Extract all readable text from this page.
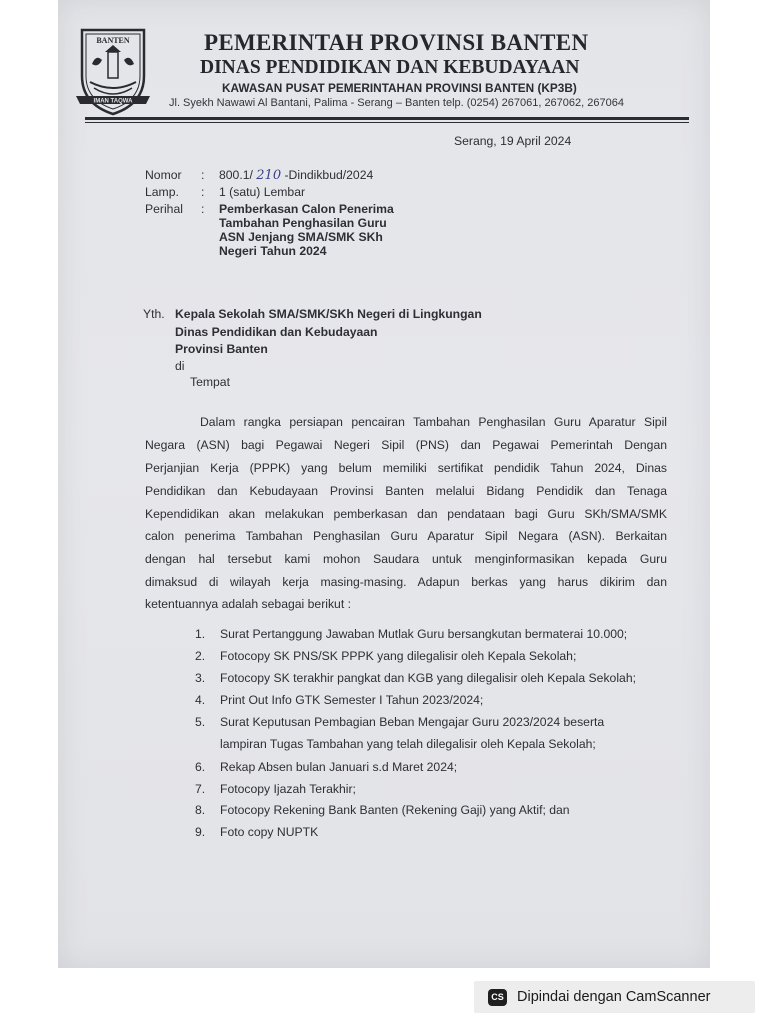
BANTEN
IMAN TAQWA
PEMERINTAH PROVINSI BANTEN
DINAS PENDIDIKAN DAN KEBUDAYAAN
KAWASAN PUSAT PEMERINTAHAN PROVINSI BANTEN (KP3B)
Jl. Syekh Nawawi Al Bantani, Palima - Serang – Banten telp. (0254) 267061, 267062, 267064
Serang, 19 April 2024
Nomor : 800.1/ 210 -Dindikbud/2024
Lamp. : 1 (satu) Lembar
Perihal : Pemberkasan Calon Penerima
Tambahan Penghasilan Guru
ASN Jenjang SMA/SMK SKh
Negeri Tahun 2024
Yth. Kepala Sekolah SMA/SMK/SKh Negeri di Lingkungan
Dinas Pendidikan dan Kebudayaan
Provinsi Banten
di
Tempat
Dalam rangka persiapan pencairan Tambahan Penghasilan Guru Aparatur Sipil
Negara (ASN) bagi Pegawai Negeri Sipil (PNS) dan Pegawai Pemerintah Dengan
Perjanjian Kerja (PPPK) yang belum memiliki sertifikat pendidik Tahun 2024, Dinas
Pendidikan dan Kebudayaan Provinsi Banten melalui Bidang Pendidik dan Tenaga
Kependidikan akan melakukan pemberkasan dan pendataan bagi Guru SKh/SMA/SMK
calon penerima Tambahan Penghasilan Guru Aparatur Sipil Negara (ASN). Berkaitan
dengan hal tersebut kami mohon Saudara untuk menginformasikan kepada Guru
dimaksud di wilayah kerja masing-masing. Adapun berkas yang harus dikirim dan
ketentuannya adalah sebagai berikut :
1.	Surat Pertanggung Jawaban Mutlak Guru bersangkutan bermaterai 10.000;
2.	Fotocopy SK PNS/SK PPPK yang dilegalisir oleh Kepala Sekolah;
3.	Fotocopy SK terakhir pangkat dan KGB yang dilegalisir oleh Kepala Sekolah;
4.	Print Out Info GTK Semester I Tahun 2023/2024;
5.	Surat Keputusan Pembagian Beban Mengajar Guru 2023/2024 beserta
lampiran Tugas Tambahan yang telah dilegalisir oleh Kepala Sekolah;
6.	Rekap Absen bulan Januari s.d Maret 2024;
7.	Fotocopy Ijazah Terakhir;
8.	Fotocopy Rekening Bank Banten (Rekening Gaji) yang Aktif; dan
9.	Foto copy NUPTK
CS Dipindai dengan CamScanner
